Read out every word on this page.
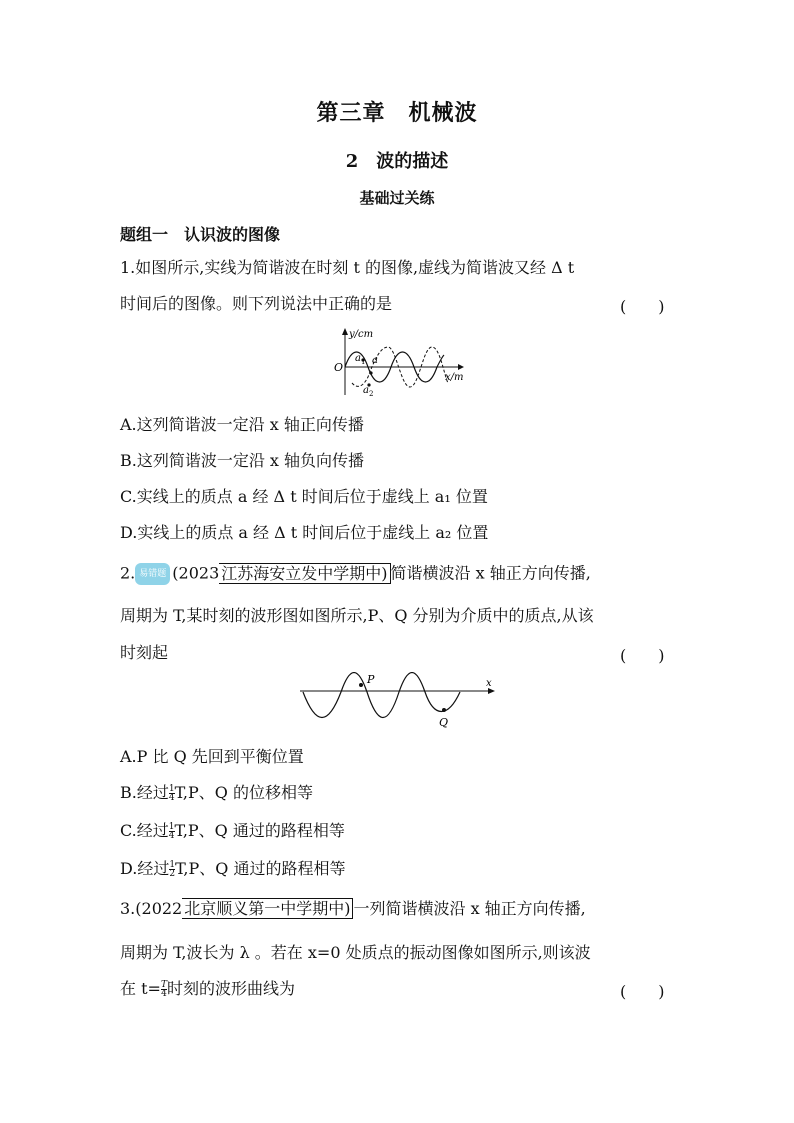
第三章　机械波
2　波的描述
基础过关练
题组一　认识波的图像
1.如图所示,实线为简谐波在时刻 t 的图像,虚线为简谐波又经 Δ t
时间后的图像。则下列说法中正确的是	(　　)
y/cm
x/m
O
a 1 a
a 2
A.这列简谐波一定沿 x 轴正向传播
B.这列简谐波一定沿 x 轴负向传播
C.实线上的质点 a 经 Δ t 时间后位于虚线上 a₁ 位置
D.实线上的质点 a 经 Δ t 时间后位于虚线上 a₂ 位置
2. 易错题 (2023 江苏海安立发中学期中) 简谐横波沿 x 轴正方向传播,
周期为 T,某时刻的波形图如图所示,P、Q 分别为介质中的质点,从该
时刻起	(　　)
P
Q
x
A.P 比 Q 先回到平衡位置
B.经过 $\frac{1}{4} T,P$、Q 的位移相等
C.经过 $\frac{1}{4} T,P$、Q 通过的路程相等
D.经过 $\frac{1}{2} T,P$、Q 通过的路程相等
3.(2022 北京顺义第一中学期中) 一列简谐横波沿 x 轴正方向传播,
周期为 T,波长为 λ 。若在 x=0 处质点的振动图像如图所示,则该波
在 $t= \frac{T}{4}$ 时刻的波形曲线为	(　　)
